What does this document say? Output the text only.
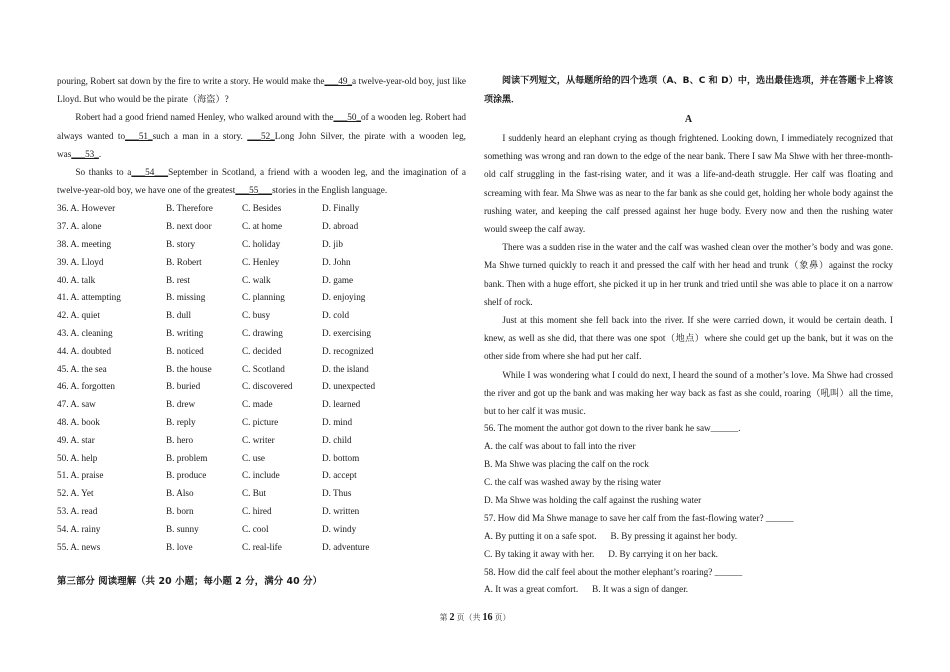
pouring, Robert sat down by the fire to write a story. He would make the___49_a twelve-year-old boy, just like Lloyd. But who would be the pirate（海盗）?

Robert had a good friend named Henley, who walked around with the___50_of a wooden leg. Robert had always wanted to___51_such a man in a story. ___52_Long John Silver, the pirate with a wooden leg, was___53_.

So thanks to a___54___September in Scotland, a friend with a wooden leg, and the imagination of a twelve-year-old boy, we have one of the greatest___55___stories in the English language.

36. A. However	B. Therefore	C. Besides	D. Finally
37. A. alone	B. next door	C. at home	D. abroad
38. A. meeting	B. story	C. holiday	D. jib
39. A. Lloyd	B. Robert	C. Henley	D. John
40. A. talk	B. rest	C. walk	D. game
41. A. attempting	B. missing	C. planning	D. enjoying
42. A. quiet	B. dull	C. busy	D. cold
43. A. cleaning	B. writing	C. drawing	D. exercising
44. A. doubted	B. noticed	C. decided	D. recognized
45. A. the sea	B. the house	C. Scotland	D. the island
46. A. forgotten	B. buried	C. discovered	D. unexpected
47. A. saw	B. drew	C. made	D. learned
48. A. book	B. reply	C. picture	D. mind
49. A. star	B. hero	C. writer	D. child
50. A. help	B. problem	C. use	D. bottom
51. A. praise	B. produce	C. include	D. accept
52. A. Yet	B. Also	C. But	D. Thus
53. A. read	B. born	C. hired	D. written
54. A. rainy	B. sunny	C. cool	D. windy
55. A. news	B. love	C. real-life	D. adventure
第三部分 阅读理解（共 20 小题；每小题 2 分，满分 40 分）

阅读下列短文，从每题所给的四个选项（A、B、C 和 D）中，选出最佳选项，并在答题卡上将该项涂黑．

A

I suddenly heard an elephant crying as though frightened. Looking down, I immediately recognized that something was wrong and ran down to the edge of the near bank. There I saw Ma Shwe with her three-month-old calf struggling in the fast-rising water, and it was a life-and-death struggle. Her calf was floating and screaming with fear. Ma Shwe was as near to the far bank as she could get, holding her whole body against the rushing water, and keeping the calf pressed against her huge body. Every now and then the rushing water would sweep the calf away.

There was a sudden rise in the water and the calf was washed clean over the mother’s body and was gone. Ma Shwe turned quickly to reach it and pressed the calf with her head and trunk（象鼻）against the rocky bank. Then with a huge effort, she picked it up in her trunk and tried until she was able to place it on a narrow shelf of rock.

Just at this moment she fell back into the river. If she were carried down, it would be certain death. I knew, as well as she did, that there was one spot（地点）where she could get up the bank, but it was on the other side from where she had put her calf.

While I was wondering what I could do next, I heard the sound of a mother’s love. Ma Shwe had crossed the river and got up the bank and was making her way back as fast as she could, roaring（吼叫）all the time, but to her calf it was music.

56. The moment the author got down to the river bank he saw______.

A. the calf was about to fall into the river

B. Ma Shwe was placing the calf on the rock

C. the calf was washed away by the rising water

D. Ma Shwe was holding the calf against the rushing water

57. How did Ma Shwe manage to save her calf from the fast-flowing water? ______

A. By putting it on a safe spot. B. By pressing it against her body.

C. By taking it away with her. D. By carrying it on her back.

58. How did the calf feel about the mother elephant’s roaring? ______

A. It was a great comfort. B. It was a sign of danger.

第 2 页（共 16 页）
